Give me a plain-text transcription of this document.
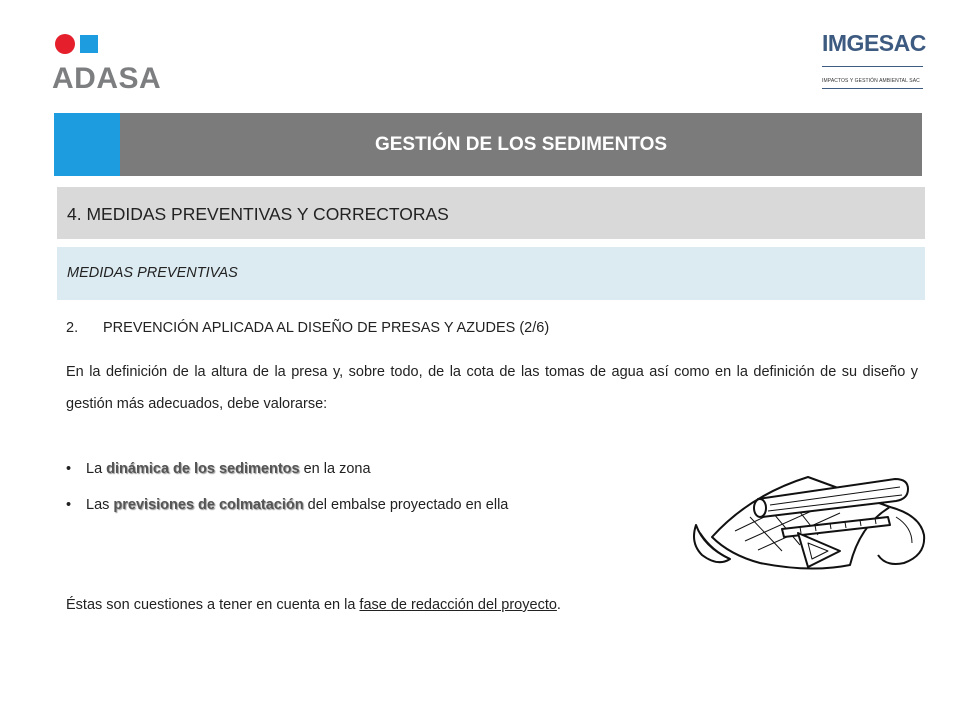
ADASA
IMGESAC
IMPACTOS Y GESTIÓN AMBIENTAL SAC
GESTIÓN DE LOS SEDIMENTOS
4. MEDIDAS PREVENTIVAS Y CORRECTORAS
MEDIDAS PREVENTIVAS
2. PREVENCIÓN APLICADA AL DISEÑO DE PRESAS Y AZUDES (2/6)

En la definición de la altura de la presa y, sobre todo, de la cota de las tomas de agua así como en la definición de su diseño y gestión más adecuados, debe valorarse:

• La dinámica de los sedimentos en la zona
• Las previsiones de colmatación del embalse proyectado en ella
Éstas son cuestiones a tener en cuenta en la fase de redacción del proyecto.
